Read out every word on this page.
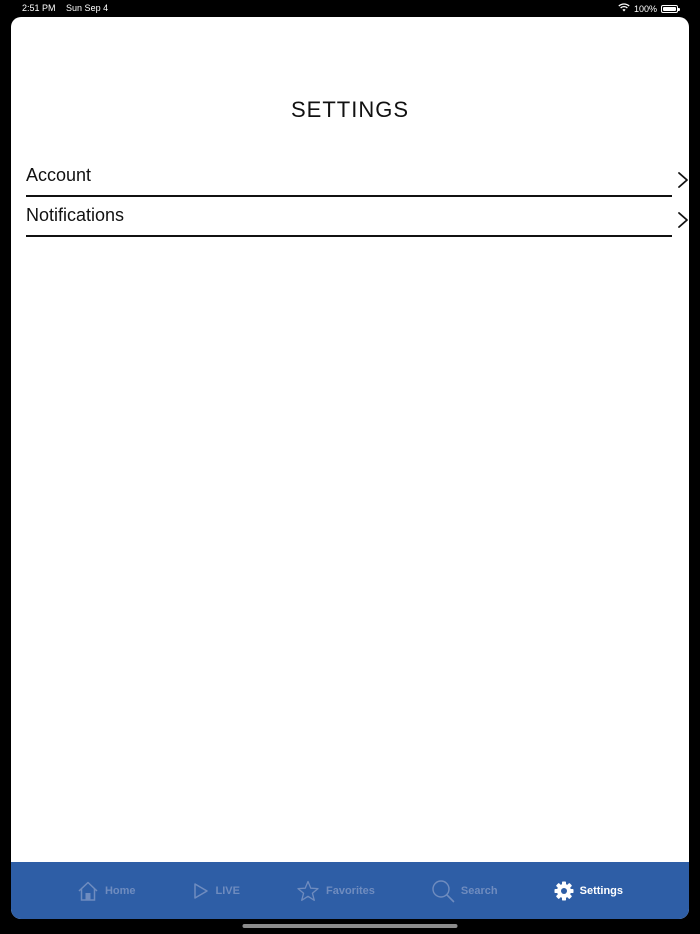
2:51 PM Sun Sep 4	100%
SETTINGS
Account
Notifications
Home	LIVE	Favorites	Search	Settings
